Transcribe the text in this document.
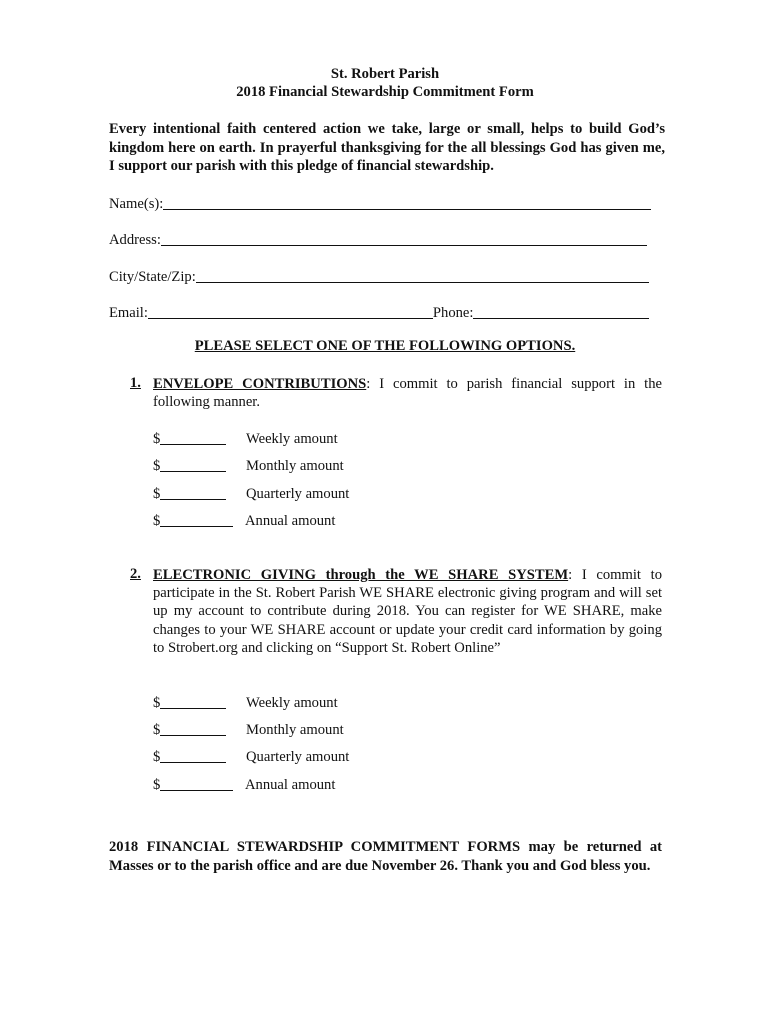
St. Robert Parish
2018 Financial Stewardship Commitment Form
Every intentional faith centered action we take, large or small, helps to build God’s kingdom here on earth. In prayerful thanksgiving for the all blessings God has given me, I support our parish with this pledge of financial stewardship.
Name(s):
Address:
City/State/Zip:
Email:	Phone:
PLEASE SELECT ONE OF THE FOLLOWING OPTIONS.
1. ENVELOPE CONTRIBUTIONS: I commit to parish financial support in the following manner.
$	Weekly amount
$	Monthly amount
$	Quarterly amount
$	Annual amount
2. ELECTRONIC GIVING through the WE SHARE SYSTEM: I commit to participate in the St. Robert Parish WE SHARE electronic giving program and will set up my account to contribute during 2018. You can register for WE SHARE, make changes to your WE SHARE account or update your credit card information by going to Strobert.org and clicking on “Support St. Robert Online”
$	Weekly amount
$	Monthly amount
$	Quarterly amount
$	Annual amount
2018 FINANCIAL STEWARDSHIP COMMITMENT FORMS may be returned at Masses or to the parish office and are due November 26. Thank you and God bless you.
